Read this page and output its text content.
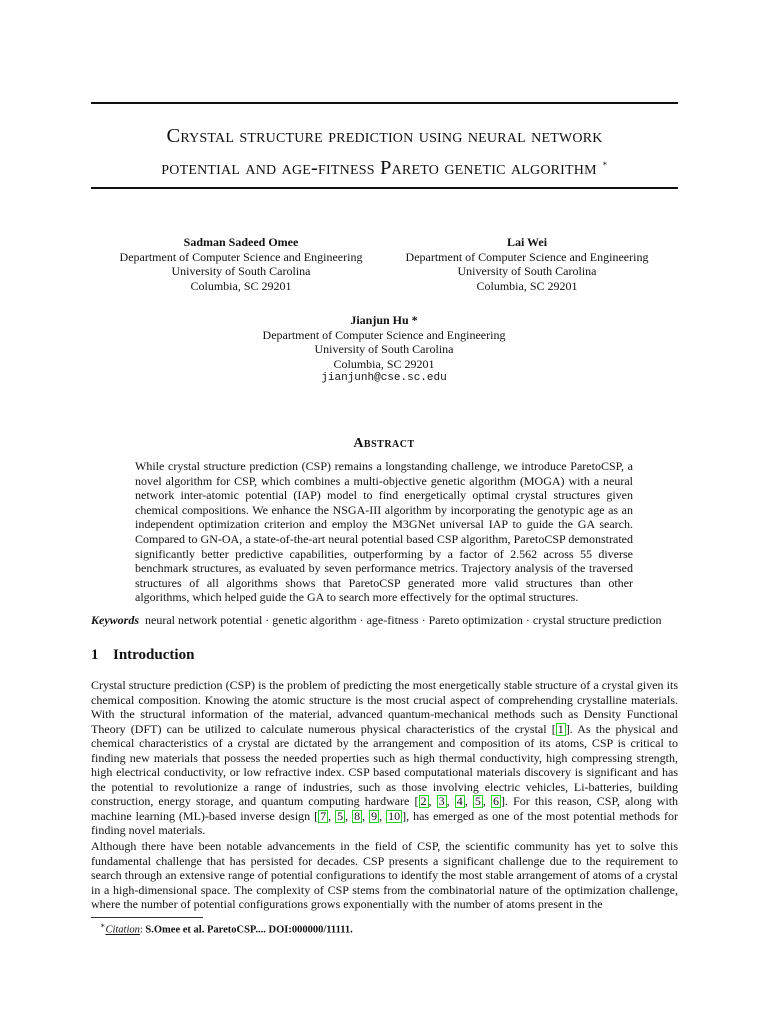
Crystal structure prediction using neural network
potential and age-fitness Pareto genetic algorithm ∗
Sadman Sadeed Omee
Department of Computer Science and Engineering
University of South Carolina
Columbia, SC 29201
Lai Wei
Department of Computer Science and Engineering
University of South Carolina
Columbia, SC 29201
Jianjun Hu *
Department of Computer Science and Engineering
University of South Carolina
Columbia, SC 29201
jianjunh@cse.sc.edu
Abstract
While crystal structure prediction (CSP) remains a longstanding challenge, we introduce ParetoCSP, a novel algorithm for CSP, which combines a multi-objective genetic algorithm (MOGA) with a neural network inter-atomic potential (IAP) model to find energetically optimal crystal structures given chemical compositions. We enhance the NSGA-III algorithm by incorporating the genotypic age as an independent optimization criterion and employ the M3GNet universal IAP to guide the GA search. Compared to GN-OA, a state-of-the-art neural potential based CSP algorithm, ParetoCSP demonstrated significantly better predictive capabilities, outperforming by a factor of 2.562 across 55 diverse benchmark structures, as evaluated by seven performance metrics. Trajectory analysis of the traversed structures of all algorithms shows that ParetoCSP generated more valid structures than other algorithms, which helped guide the GA to search more effectively for the optimal structures.
Keywords neural network potential · genetic algorithm · age-fitness · Pareto optimization · crystal structure prediction
1 Introduction

Crystal structure prediction (CSP) is the problem of predicting the most energetically stable structure of a crystal given its chemical composition. Knowing the atomic structure is the most crucial aspect of comprehending crystalline materials. With the structural information of the material, advanced quantum-mechanical methods such as Density Functional Theory (DFT) can be utilized to calculate numerous physical characteristics of the crystal [ 1 ]. As the physical and chemical characteristics of a crystal are dictated by the arrangement and composition of its atoms, CSP is critical to finding new materials that possess the needed properties such as high thermal conductivity, high compressing strength, high electrical conductivity, or low refractive index. CSP based computational materials discovery is significant and has the potential to revolutionize a range of industries, such as those involving electric vehicles, Li-batteries, building construction, energy storage, and quantum computing hardware [ 2 , 3 , 4 , 5 , 6 ]. For this reason, CSP, along with machine learning (ML)-based inverse design [ 7 , 5 , 8 , 9 , 10 ], has emerged as one of the most potential methods for finding novel materials.

Although there have been notable advancements in the field of CSP, the scientific community has yet to solve this fundamental challenge that has persisted for decades. CSP presents a significant challenge due to the requirement to search through an extensive range of potential configurations to identify the most stable arrangement of atoms of a crystal in a high-dimensional space. The complexity of CSP stems from the combinatorial nature of the optimization challenge, where the number of potential configurations grows exponentially with the number of atoms present in the

∗Citation: S.Omee et al. ParetoCSP.... DOI:000000/11111.
